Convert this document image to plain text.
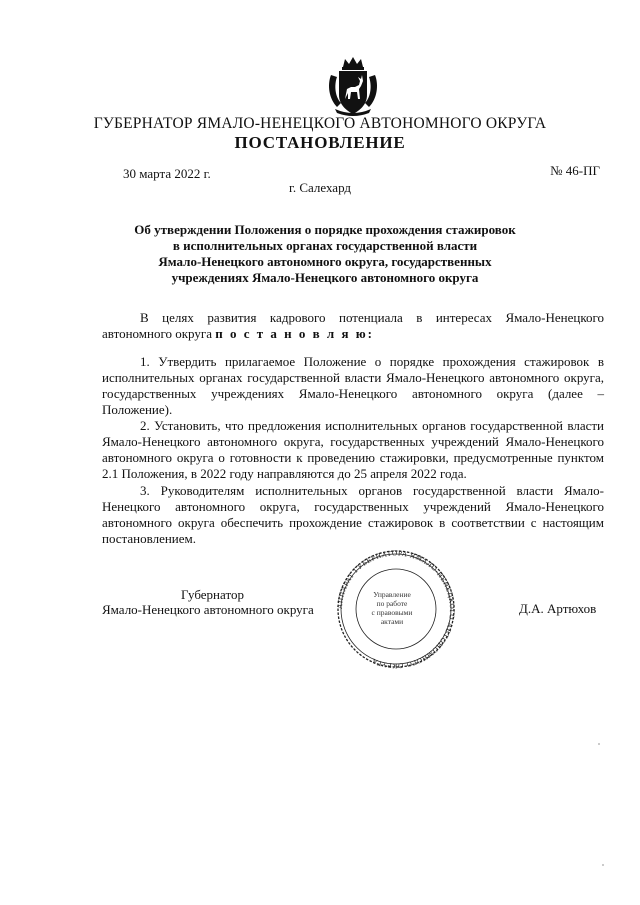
ГУБЕРНАТОР ЯМАЛО-НЕНЕЦКОГО АВТОНОМНОГО ОКРУГА
ПОСТАНОВЛЕНИЕ
30 марта 2022 г.	№ 46-ПГ
г. Салехард
Об утверждении Положения о порядке прохождения стажировок
в исполнительных органах государственной власти
Ямало-Ненецкого автономного округа, государственных
учреждениях Ямало-Ненецкого автономного округа
В целях развития кадрового потенциала в интересах Ямало-Ненецкого автономного округа п о с т а н о в л я ю:
1. Утвердить прилагаемое Положение о порядке прохождения стажировок в исполнительных органах государственной власти Ямало-Ненецкого автономного округа, государственных учреждениях Ямало-Ненецкого автономного округа (далее – Положение).
2. Установить, что предложения исполнительных органов государственной власти Ямало-Ненецкого автономного округа, государственных учреждений Ямало-Ненецкого автономного округа о готовности к проведению стажировки, предусмотренные пунктом 2.1 Положения, в 2022 году направляются до 25 апреля 2022 года.
3. Руководителям исполнительных органов государственной власти Ямало-Ненецкого автономного округа, государственных учреждений Ямало-Ненецкого автономного округа обеспечить прохождение стажировок в соответствии с настоящим постановлением.
Губернатор
Ямало-Ненецкого автономного округа	Д.А. Артюхов
АППАРАТ ГУБЕРНАТОРА ЯМАЛО-НЕНЕЦКОГО АВТОНОМНОГО ОКРУГА
Управление
по работе
с правовыми
актами
